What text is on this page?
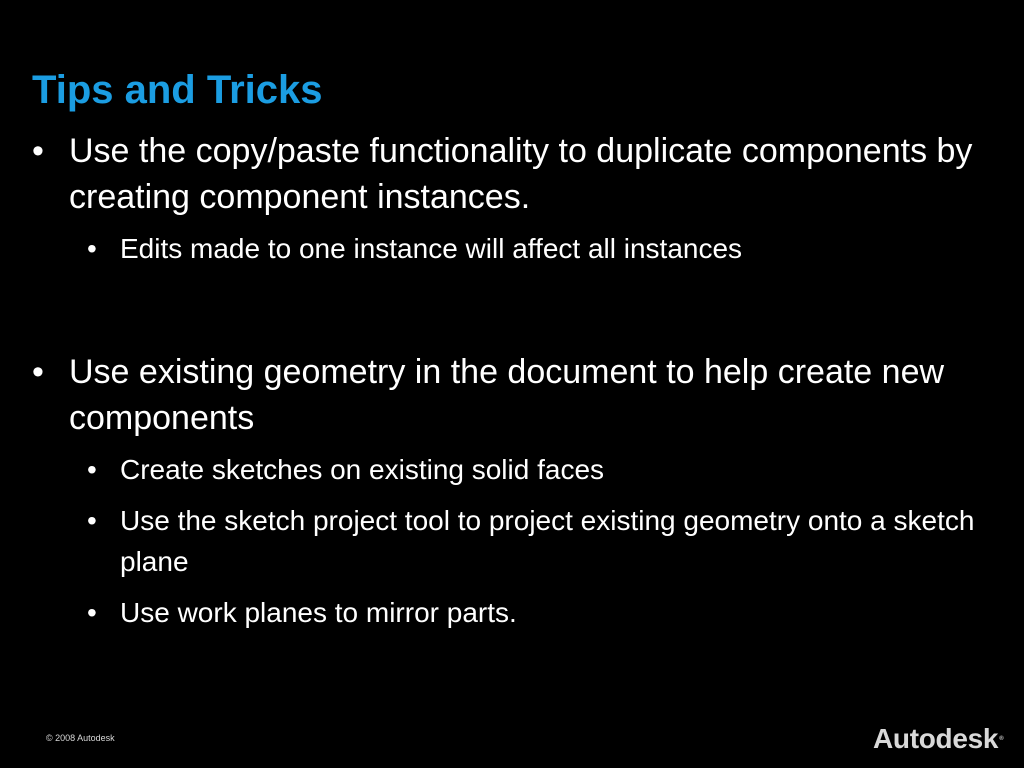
Tips and Tricks
• Use the copy/paste functionality to duplicate components by creating component instances.
• Edits made to one instance will affect all instances
• Use existing geometry in the document to help create new components
• Create sketches on existing solid faces
• Use the sketch project tool to project existing geometry onto a sketch plane
• Use work planes to mirror parts.
© 2008 Autodesk	Autodesk®
